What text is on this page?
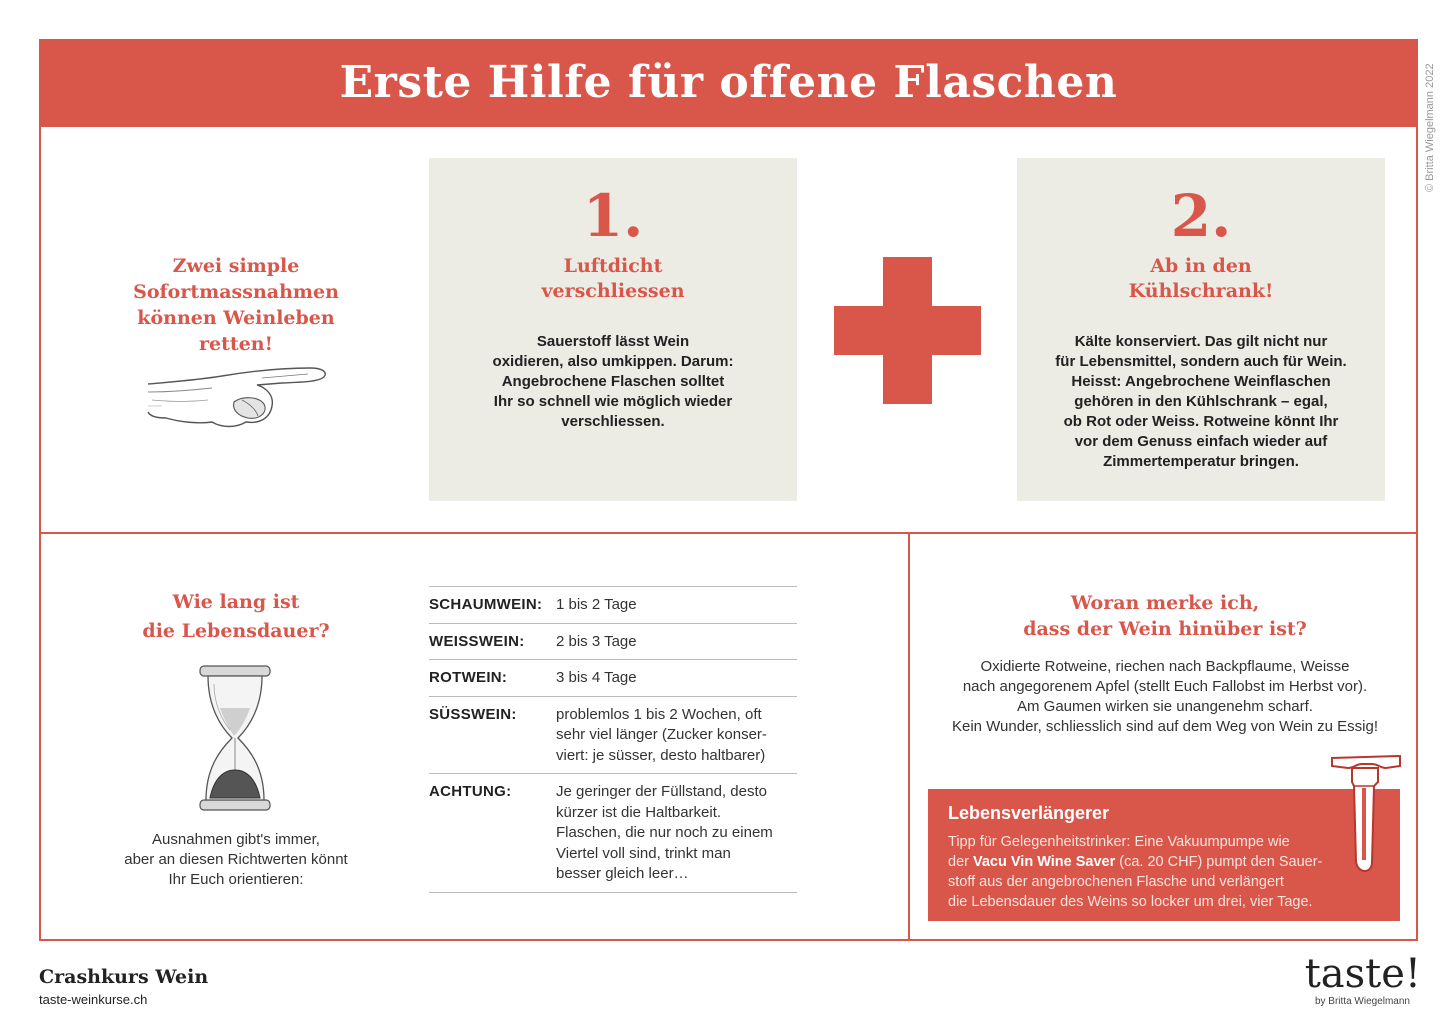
Erste Hilfe für offene Flaschen	© Britta Wiegelmann 2022
Zwei simple
Sofortmassnahmen
können Weinleben
retten!
1.
Luftdicht
verschliessen
Sauerstoff lässt Wein
oxidieren, also umkippen. Darum:
Angebrochene Flaschen solltet
Ihr so schnell wie möglich wieder
verschliessen.
2.
Ab in den
Kühlschrank!
Kälte konserviert. Das gilt nicht nur
für Lebensmittel, sondern auch für Wein.
Heisst: Angebrochene Weinflaschen
gehören in den Kühlschrank – egal,
ob Rot oder Weiss. Rotweine könnt Ihr
vor dem Genuss einfach wieder auf
Zimmertemperatur bringen.
Wie lang ist
die Lebensdauer?
Ausnahmen gibt's immer,
aber an diesen Richtwerten könnt
Ihr Euch orientieren:
SCHAUMWEIN: 1 bis 2 Tage
WEISSWEIN:	2 bis 3 Tage
ROTWEIN:	3 bis 4 Tage
SÜSSWEIN:	problemlos 1 bis 2 Wochen, oft
sehr viel länger (Zucker konser-
viert: je süsser, desto haltbarer)
ACHTUNG:	Je geringer der Füllstand, desto
kürzer ist die Haltbarkeit.
Flaschen, die nur noch zu einem
Viertel voll sind, trinkt man
besser gleich leer…
Woran merke ich,
dass der Wein hinüber ist?
Oxidierte Rotweine, riechen nach Backpflaume, Weisse
nach angegorenem Apfel (stellt Euch Fallobst im Herbst vor).
Am Gaumen wirken sie unangenehm scharf.
Kein Wunder, schliesslich sind auf dem Weg von Wein zu Essig!
Lebensverlängerer
Tipp für Gelegenheitstrinker: Eine Vakuumpumpe wie
der Vacu Vin Wine Saver (ca. 20 CHF) pumpt den Sauer-
stoff aus der angebrochenen Flasche und verlängert
die Lebensdauer des Weins so locker um drei, vier Tage.
Crashkurs Wein
taste-weinkurse.ch
taste!
by Britta Wiegelmann
